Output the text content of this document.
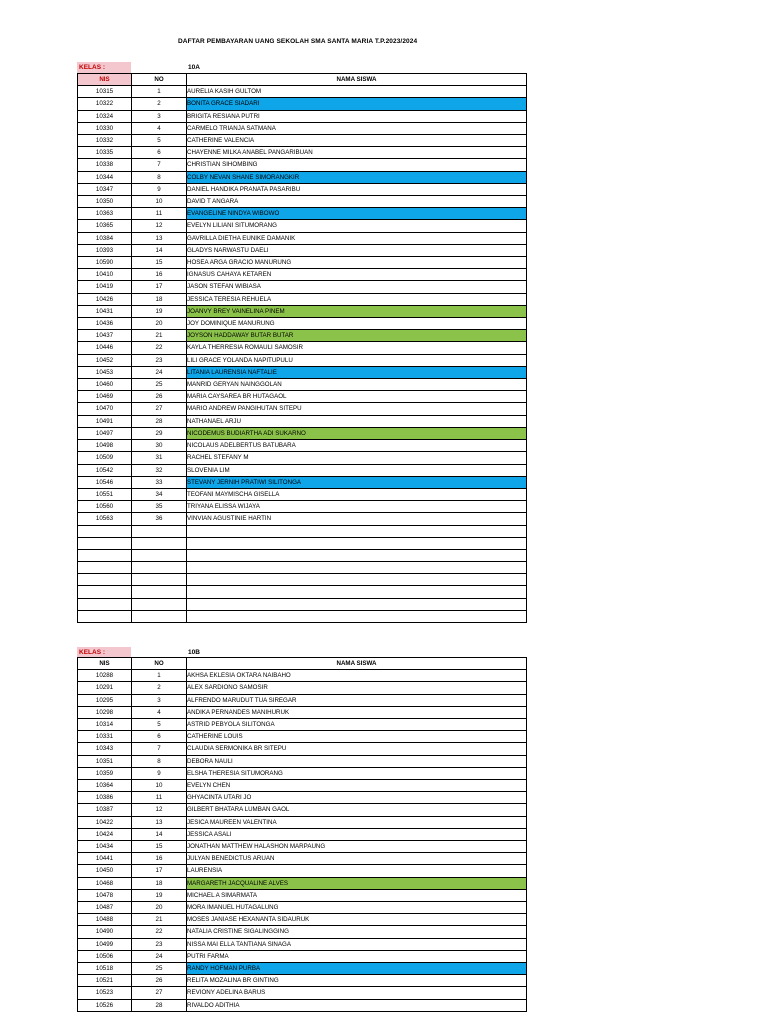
DAFTAR PEMBAYARAN UANG SEKOLAH SMA SANTA MARIA T.P.2023/2024
KELAS :	10A
NIS	NO	NAMA SISWA
10315	1	AURELIA KASIH GULTOM
10322	2	BONITA GRACE SIADARI
10324	3	BRIGITA RESIANA PUTRI
10330	4	CARMELO TRIANJA SATMANA
10332	5	CATHERINE VALENCIA
10335	6	CHAYENNE MILKA ANABEL PANGARIBUAN
10338	7	CHRISTIAN SIHOMBING
10344	8	COLBY NEVAN SHANE SIMORANGKIR
10347	9	DANIEL HANDIKA PRANATA PASARIBU
10350	10	DAVID T ANGARA
10363	11	EVANGELINE NINDYA WIBOWO
10365	12	EVELYN LILIANI SITUMORANG
10384	13	GAVRILLA DIETHA EUNIKE DAMANIK
10393	14	GLADYS NARWASTU DAELI
10590	15	HOSEA ARGA GRACIO MANURUNG
10410	16	IGNASUS CAHAYA KETAREN
10419	17	JASON STEFAN WIBIASA
10426	18	JESSICA TERESIA REHUELA
10431	19	JOANVY BREY VAINELINA PINEM
10436	20	JOY DOMINIQUE MANURUNG
10437	21	JOYSON HADDAWAY BUTAR BUTAR
10446	22	KAYLA THERRESIA ROMAULI SAMOSIR
10452	23	LILI GRACE YOLANDA NAPITUPULU
10453	24	LITANIA LAURENSIA NAFTALIE
10460	25	MANRID GERYAN NAINGGOLAN
10469	26	MARIA CAYSAREA BR HUTAGAOL
10470	27	MARIO ANDREW PANGIHUTAN SITEPU
10491	28	NATHANAEL ARJU
10497	29	NICODEMUS BUDIARTHA ADI SUKARNO
10498	30	NICOLAUS ADELBERTUS BATUBARA
10509	31	RACHEL STEFANY M
10542	32	SLOVENIA LIM
10546	33	STEVANY JERNIH PRATIWI SILITONGA
10551	34	TEOFANI MAYMISCHA GISELLA
10560	35	TRIYANA ELISSA WIJAYA
10563	36	VINVIAN AGUSTINIE HARTIN

KELAS :	10B
NIS	NO	NAMA SISWA
10288	1	AKHSA EKLESIA OKTARA NAIBAHO
10291	2	ALEX SARDIONO SAMOSIR
10295	3	ALFRENDO MARUDUT TUA SIREGAR
10298	4	ANDIKA PERNANDES MANIHURUK
10314	5	ASTRID PEBYOLA SILITONGA
10331	6	CATHERINE LOUIS
10343	7	CLAUDIA SERMONIKA BR SITEPU
10351	8	DEBORA NAULI
10359	9	ELSHA THERESIA SITUMORANG
10364	10	EVELYN CHEN
10386	11	GHYACINTA UTARI JO
10387	12	GILBERT BHATARA LUMBAN GAOL
10422	13	JESICA MAUREEN VALENTINA
10424	14	JESSICA ASALI
10434	15	JONATHAN MATTHEW HALASHON MARPAUNG
10441	16	JULYAN BENEDICTUS ARUAN
10450	17	LAURENSIA
10468	18	MARGARETH JACQUALINE ALVES
10478	19	MICHAEL A SIMARMATA
10487	20	MORA IMANUEL HUTAGALUNG
10488	21	MOSES JANIASE HEXANANTA SIDAURUK
10490	22	NATALIA CRISTINE SIGALINGGING
10499	23	NISSA MAI ELLA TANTIANA SINAGA
10506	24	PUTRI FARMA
10518	25	RANDY HOFMAN PURBA
10521	26	RELITA MOZALINA BR GINTING
10523	27	REVIONY ADELINA BARUS
10526	28	RIVALDO ADITHIA
